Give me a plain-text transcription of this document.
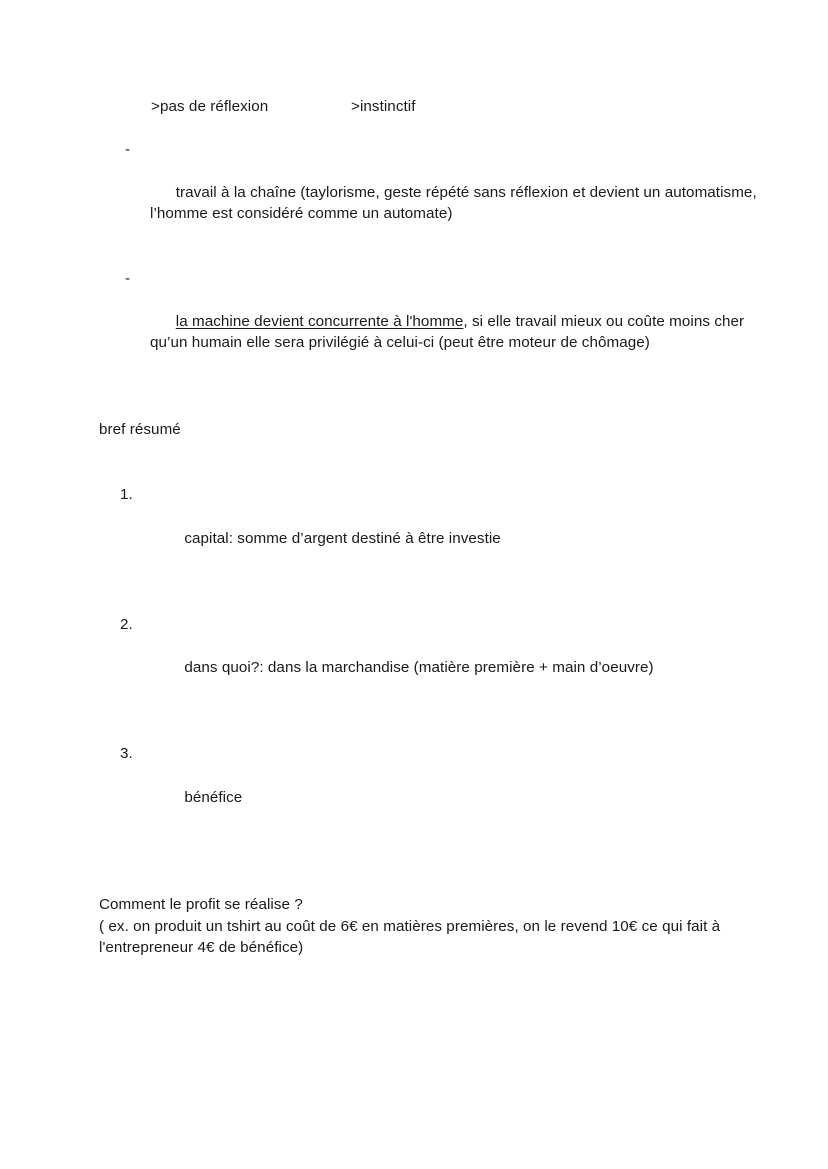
>pas de réflexion	>instinctif

-

travail à la chaîne (taylorisme, geste répété sans réflexion et devient un automatisme, l’homme est considéré comme un automate)

-

la machine devient concurrente à l'homme, si elle travail mieux ou coûte moins cher qu’un humain elle sera privilégié à celui-ci (peut être moteur de chômage)

bref résumé

1.

capital: somme d’argent destiné à être investie

2.

dans quoi?: dans la marchandise (matière première + main d’oeuvre)

3.

bénéfice

Comment le profit se réalise ?

( ex. on produit un tshirt au coût de 6€ en matières premières, on le revend 10€ ce qui fait à l'entrepreneur 4€ de bénéfice)
